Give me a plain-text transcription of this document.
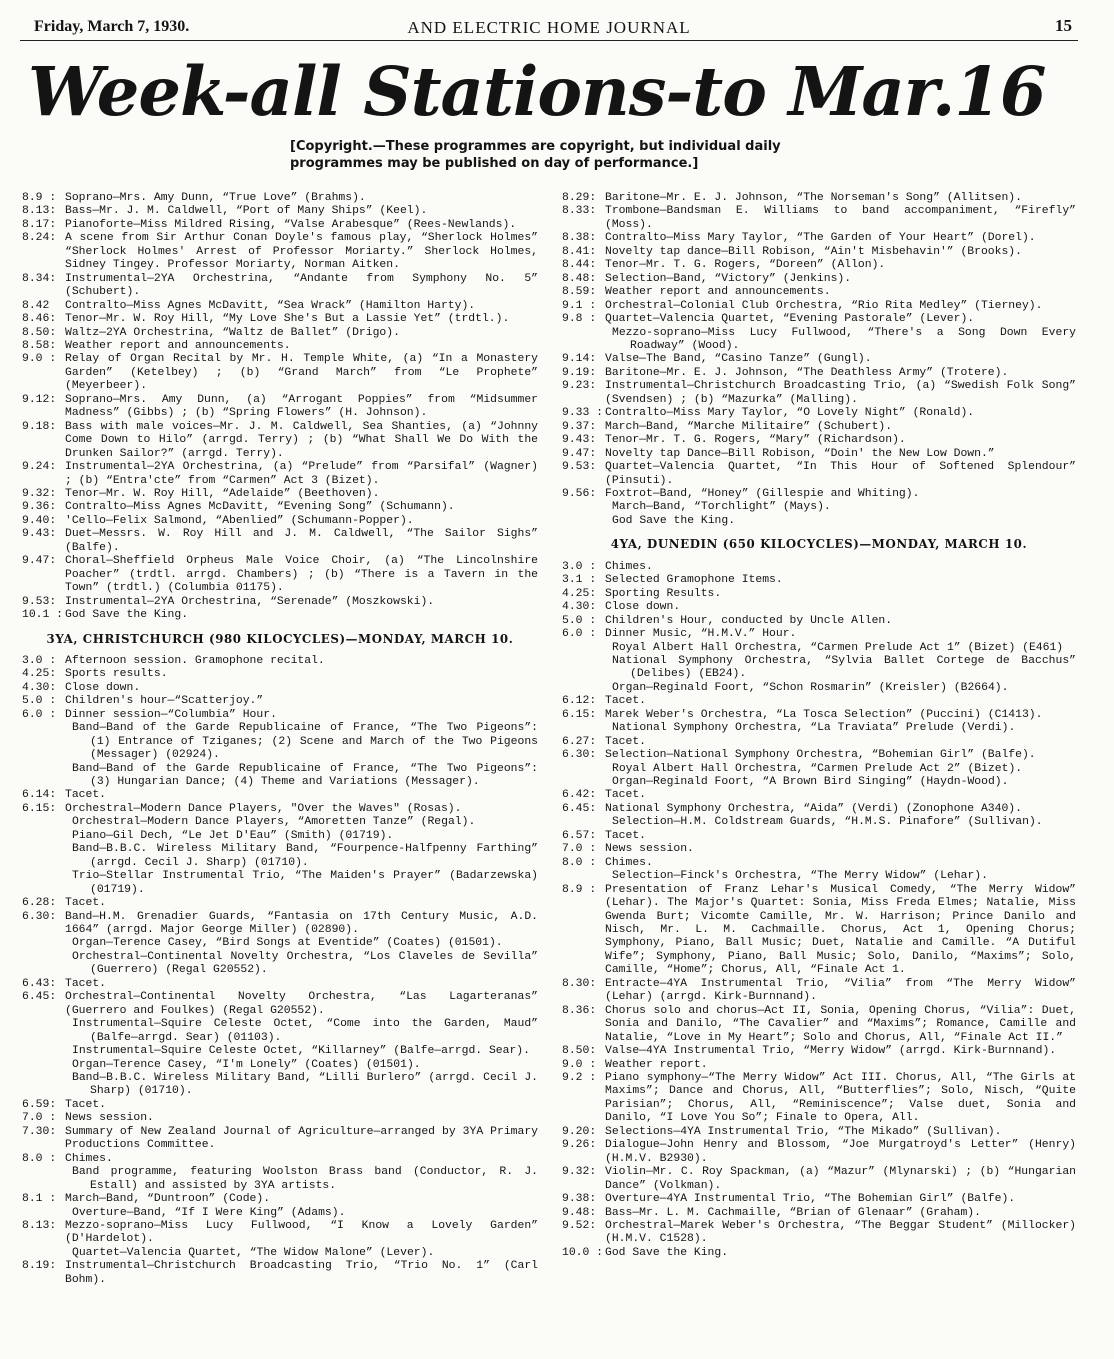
Friday, March 7, 1930.	AND ELECTRIC HOME JOURNAL	15
Week-all Stations-to Mar.16
[Copyright.—These programmes are copyright, but individual daily programmes may be published on day of performance.]
8.9 : Soprano—Mrs. Amy Dunn, “True Love” (Brahms).
8.13: Bass—Mr. J. M. Caldwell, “Port of Many Ships” (Keel).
8.17: Pianoforte—Miss Mildred Rising, “Valse Arabesque” (Rees-Newlands).
8.24: A scene from Sir Arthur Conan Doyle's famous play, “Sherlock Holmes” “Sherlock Holmes' Arrest of Professor Moriarty.” Sherlock Holmes, Sidney Tingey. Professor Moriarty, Norman Aitken.
8.34: Instrumental—2YA Orchestrina, “Andante from Symphony No. 5” (Schubert).
8.42	Contralto—Miss Agnes McDavitt, “Sea Wrack” (Hamilton Harty).
8.46: Tenor—Mr. W. Roy Hill, “My Love She's But a Lassie Yet” (trdtl.).
8.50: Waltz—2YA Orchestrina, “Waltz de Ballet” (Drigo).
8.58: Weather report and announcements.
9.0 : Relay of Organ Recital by Mr. H. Temple White, (a) “In a Monastery Garden” (Ketelbey) ; (b) “Grand March” from “Le Prophete” (Meyerbeer).
9.12: Soprano—Mrs. Amy Dunn, (a) “Arrogant Poppies” from “Midsummer Madness” (Gibbs) ; (b) “Spring Flowers” (H. Johnson).
9.18: Bass with male voices—Mr. J. M. Caldwell, Sea Shanties, (a) “Johnny Come Down to Hilo” (arrgd. Terry) ; (b) “What Shall We Do With the Drunken Sailor?” (arrgd. Terry).
9.24: Instrumental—2YA Orchestrina, (a) “Prelude” from “Parsifal” (Wagner) ; (b) “Entra'cte” from “Carmen” Act 3 (Bizet).
9.32: Tenor—Mr. W. Roy Hill, “Adelaide” (Beethoven).
9.36: Contralto—Miss Agnes McDavitt, “Evening Song” (Schumann).
9.40: 'Cello—Felix Salmond, “Abenlied” (Schumann-Popper).
9.43: Duet—Messrs. W. Roy Hill and J. M. Caldwell, “The Sailor Sighs” (Balfe).
9.47: Choral—Sheffield Orpheus Male Voice Choir, (a) “The Lincolnshire Poacher” (trdtl. arrgd. Chambers) ; (b) “There is a Tavern in the Town” (trdtl.) (Columbia 01175).
9.53: Instrumental—2YA Orchestrina, “Serenade” (Moszkowski).
10.1 : God Save the King.
3YA, CHRISTCHURCH (980 KILOCYCLES)—MONDAY, MARCH 10.
3.0 : Afternoon session. Gramophone recital.
4.25: Sports results.
4.30: Close down.
5.0 : Children's hour—“Scatterjoy.”
6.0 : Dinner session—“Columbia” Hour.
Band—Band of the Garde Republicaine of France, “The Two Pigeons”: (1) Entrance of Tziganes; (2) Scene and March of the Two Pigeons (Messager) (02924).
Band—Band of the Garde Republicaine of France, “The Two Pigeons”: (3) Hungarian Dance; (4) Theme and Variations (Messager).
6.14: Tacet.
6.15: Orchestral—Modern Dance Players, "Over the Waves" (Rosas).
Orchestral—Modern Dance Players, “Amoretten Tanze” (Regal).
Piano—Gil Dech, “Le Jet D'Eau” (Smith) (01719).
Band—B.B.C. Wireless Military Band, “Fourpence-Halfpenny Farthing” (arrgd. Cecil J. Sharp) (01710).
Trio—Stellar Instrumental Trio, “The Maiden's Prayer” (Badarzewska) (01719).
6.28: Tacet.
6.30: Band—H.M. Grenadier Guards, “Fantasia on 17th Century Music, A.D. 1664” (arrgd. Major George Miller) (02890).
Organ—Terence Casey, “Bird Songs at Eventide” (Coates) (01501).
Orchestral—Continental Novelty Orchestra, “Los Claveles de Sevilla” (Guerrero) (Regal G20552).
6.43: Tacet.
6.45: Orchestral—Continental Novelty Orchestra, “Las Lagarteranas” (Guerrero and Foulkes) (Regal G20552).
Instrumental—Squire Celeste Octet, “Come into the Garden, Maud” (Balfe—arrgd. Sear) (01103).
Instrumental—Squire Celeste Octet, “Killarney” (Balfe—arrgd. Sear).
Organ—Terence Casey, “I'm Lonely” (Coates) (01501).
Band—B.B.C. Wireless Military Band, “Lilli Burlero” (arrgd. Cecil J. Sharp) (01710).
6.59: Tacet.
7.0 : News session.
7.30: Summary of New Zealand Journal of Agriculture—arranged by 3YA Primary Productions Committee.
8.0 : Chimes.
Band programme, featuring Woolston Brass band (Conductor, R. J. Estall) and assisted by 3YA artists.
8.1 : March—Band, “Duntroon” (Code).
Overture—Band, “If I Were King” (Adams).
8.13: Mezzo-soprano—Miss Lucy Fullwood, “I Know a Lovely Garden” (D'Hardelot).
Quartet—Valencia Quartet, “The Widow Malone” (Lever).
8.19: Instrumental—Christchurch Broadcasting Trio, “Trio No. 1” (Carl Bohm).
8.29: Baritone—Mr. E. J. Johnson, “The Norseman's Song” (Allitsen).
8.33: Trombone—Bandsman E. Williams to band accompaniment, “Firefly” (Moss).
8.38: Contralto—Miss Mary Taylor, “The Garden of Your Heart” (Dorel).
8.41: Novelty tap dance—Bill Robison, “Ain't Misbehavin'” (Brooks).
8.44: Tenor—Mr. T. G. Rogers, “Doreen” (Allon).
8.48: Selection—Band, “Victory” (Jenkins).
8.59: Weather report and announcements.
9.1 : Orchestral—Colonial Club Orchestra, “Rio Rita Medley” (Tierney).
9.8 : Quartet—Valencia Quartet, “Evening Pastorale” (Lever).
Mezzo-soprano—Miss Lucy Fullwood, “There's a Song Down Every Roadway” (Wood).
9.14: Valse—The Band, “Casino Tanze” (Gungl).
9.19: Baritone—Mr. E. J. Johnson, “The Deathless Army” (Trotere).
9.23: Instrumental—Christchurch Broadcasting Trio, (a) “Swedish Folk Song” (Svendsen) ; (b) “Mazurka” (Malling).
9.33 : Contralto—Miss Mary Taylor, “O Lovely Night” (Ronald).
9.37: March—Band, “Marche Militaire” (Schubert).
9.43: Tenor—Mr. T. G. Rogers, “Mary” (Richardson).
9.47: Novelty tap Dance—Bill Robison, “Doin' the New Low Down.”
9.53: Quartet—Valencia Quartet, “In This Hour of Softened Splendour” (Pinsuti).
9.56: Foxtrot—Band, “Honey” (Gillespie and Whiting).
March—Band, “Torchlight” (Mays).
God Save the King.
4YA, DUNEDIN (650 KILOCYCLES)—MONDAY, MARCH 10.
3.0 : Chimes.
3.1 : Selected Gramophone Items.
4.25: Sporting Results.
4.30: Close down.
5.0 : Children's Hour, conducted by Uncle Allen.
6.0 : Dinner Music, “H.M.V.” Hour.
Royal Albert Hall Orchestra, “Carmen Prelude Act 1” (Bizet) (E461)
National Symphony Orchestra, “Sylvia Ballet Cortege de Bacchus” (Delibes) (EB24).
Organ—Reginald Foort, “Schon Rosmarin” (Kreisler) (B2664).
6.12: Tacet.
6.15: Marek Weber's Orchestra, “La Tosca Selection” (Puccini) (C1413).
National Symphony Orchestra, “La Traviata” Prelude (Verdi).
6.27: Tacet.
6.30: Selection—National Symphony Orchestra, “Bohemian Girl” (Balfe).
Royal Albert Hall Orchestra, “Carmen Prelude Act 2” (Bizet).
Organ—Reginald Foort, “A Brown Bird Singing” (Haydn-Wood).
6.42: Tacet.
6.45: National Symphony Orchestra, “Aida” (Verdi) (Zonophone A340).
Selection—H.M. Coldstream Guards, “H.M.S. Pinafore” (Sullivan).
6.57: Tacet.
7.0 : News session.
8.0 : Chimes.
Selection—Finck's Orchestra, “The Merry Widow” (Lehar).
8.9 : Presentation of Franz Lehar's Musical Comedy, “The Merry Widow” (Lehar). The Major's Quartet: Sonia, Miss Freda Elmes; Natalie, Miss Gwenda Burt; Vicomte Camille, Mr. W. Harrison; Prince Danilo and Nisch, Mr. L. M. Cachmaille. Chorus, Act 1, Opening Chorus; Symphony, Piano, Ball Music; Duet, Natalie and Camille. “A Dutiful Wife”; Symphony, Piano, Ball Music; Solo, Danilo, “Maxims”; Solo, Camille, “Home”; Chorus, All, “Finale Act 1.
8.30: Entracte—4YA Instrumental Trio, “Vilia” from “The Merry Widow” (Lehar) (arrgd. Kirk-Burnnand).
8.36: Chorus solo and chorus—Act II, Sonia, Opening Chorus, “Vilia”: Duet, Sonia and Danilo, “The Cavalier” and “Maxims”; Romance, Camille and Natalie, “Love in My Heart”; Solo and Chorus, All, “Finale Act II.”
8.50: Valse—4YA Instrumental Trio, “Merry Widow” (arrgd. Kirk-Burnnand).
9.0 : Weather report.
9.2 : Piano symphony—“The Merry Widow” Act III. Chorus, All, “The Girls at Maxims”; Dance and Chorus, All, “Butterflies”; Solo, Nisch, “Quite Parisian”; Chorus, All, “Reminiscence”; Valse duet, Sonia and Danilo, “I Love You So”; Finale to Opera, All.
9.20: Selections—4YA Instrumental Trio, “The Mikado” (Sullivan).
9.26: Dialogue—John Henry and Blossom, “Joe Murgatroyd's Letter” (Henry) (H.M.V. B2930).
9.32: Violin—Mr. C. Roy Spackman, (a) “Mazur” (Mlynarski) ; (b) “Hungarian Dance” (Volkman).
9.38: Overture—4YA Instrumental Trio, “The Bohemian Girl” (Balfe).
9.48: Bass—Mr. L. M. Cachmaille, “Brian of Glenaar” (Graham).
9.52: Orchestral—Marek Weber's Orchestra, “The Beggar Student” (Millocker) (H.M.V. C1528).
10.0 : God Save the King.
